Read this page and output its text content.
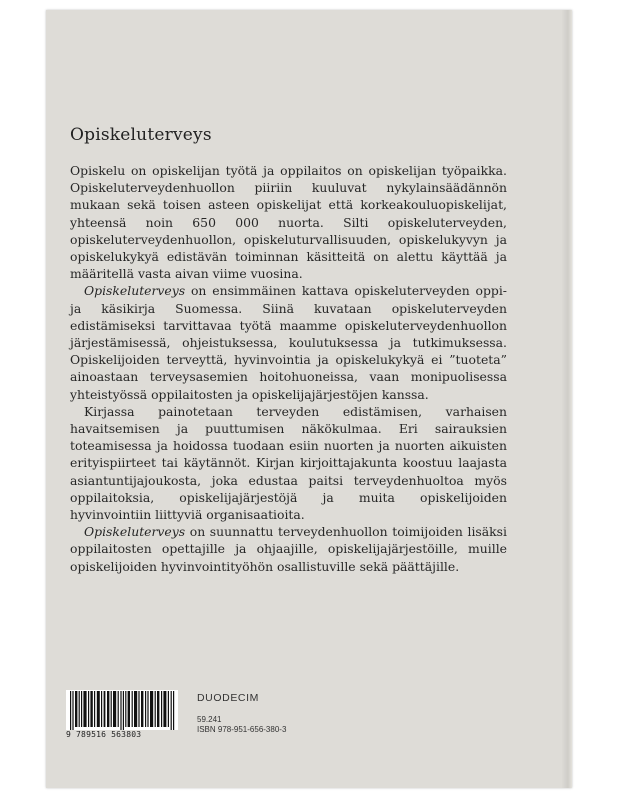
Opiskeluterveys

Opiskelu on opiskelijan työtä ja oppilaitos on opiskelijan työpaikka. Opiskeluterveydenhuollon piiriin kuuluvat nykylainsäädännön mukaan sekä toisen asteen opiskelijat että korkeakouluopiskelijat, yhteensä noin 650 000 nuorta. Silti opiskeluterveyden, opiskeluterveydenhuollon, opiskeluturvallisuuden, opiskelukyvyn ja opiskelukykyä edistävän toiminnan käsitteitä on alettu käyttää ja määritellä vasta aivan viime vuosina.

Opiskeluterveys on ensimmäinen kattava opiskeluterveyden oppi- ja käsikirja Suomessa. Siinä kuvataan opiskeluterveyden edistämiseksi tarvittavaa työtä maamme opiskeluterveydenhuollon järjestämisessä, ohjeistuksessa, koulutuksessa ja tutkimuksessa. Opiskelijoiden terveyttä, hyvinvointia ja opiskelukykyä ei ”tuoteta” ainoastaan terveysasemien hoitohuoneissa, vaan monipuolisessa yhteistyössä oppilaitosten ja opiskelijajärjestöjen kanssa.

Kirjassa painotetaan terveyden edistämisen, varhaisen havaitsemisen ja puuttumisen näkökulmaa. Eri sairauksien toteamisessa ja hoidossa tuodaan esiin nuorten ja nuorten aikuisten erityispiirteet tai käytännöt. Kirjan kirjoittajakunta koostuu laajasta asiantuntijajoukosta, joka edustaa paitsi terveydenhuoltoa myös oppilaitoksia, opiskelijajärjestöjä ja muita opiskelijoiden hyvinvointiin liittyviä organisaatioita.

Opiskeluterveys on suunnattu terveydenhuollon toimijoiden lisäksi oppilaitosten opettajille ja ohjaajille, opiskelijajärjestöille, muille opiskelijoiden hyvinvointityöhön osallistuville sekä päättäjille.

9 789516 563803
DUODECIM
59.241
ISBN 978-951-656-380-3
